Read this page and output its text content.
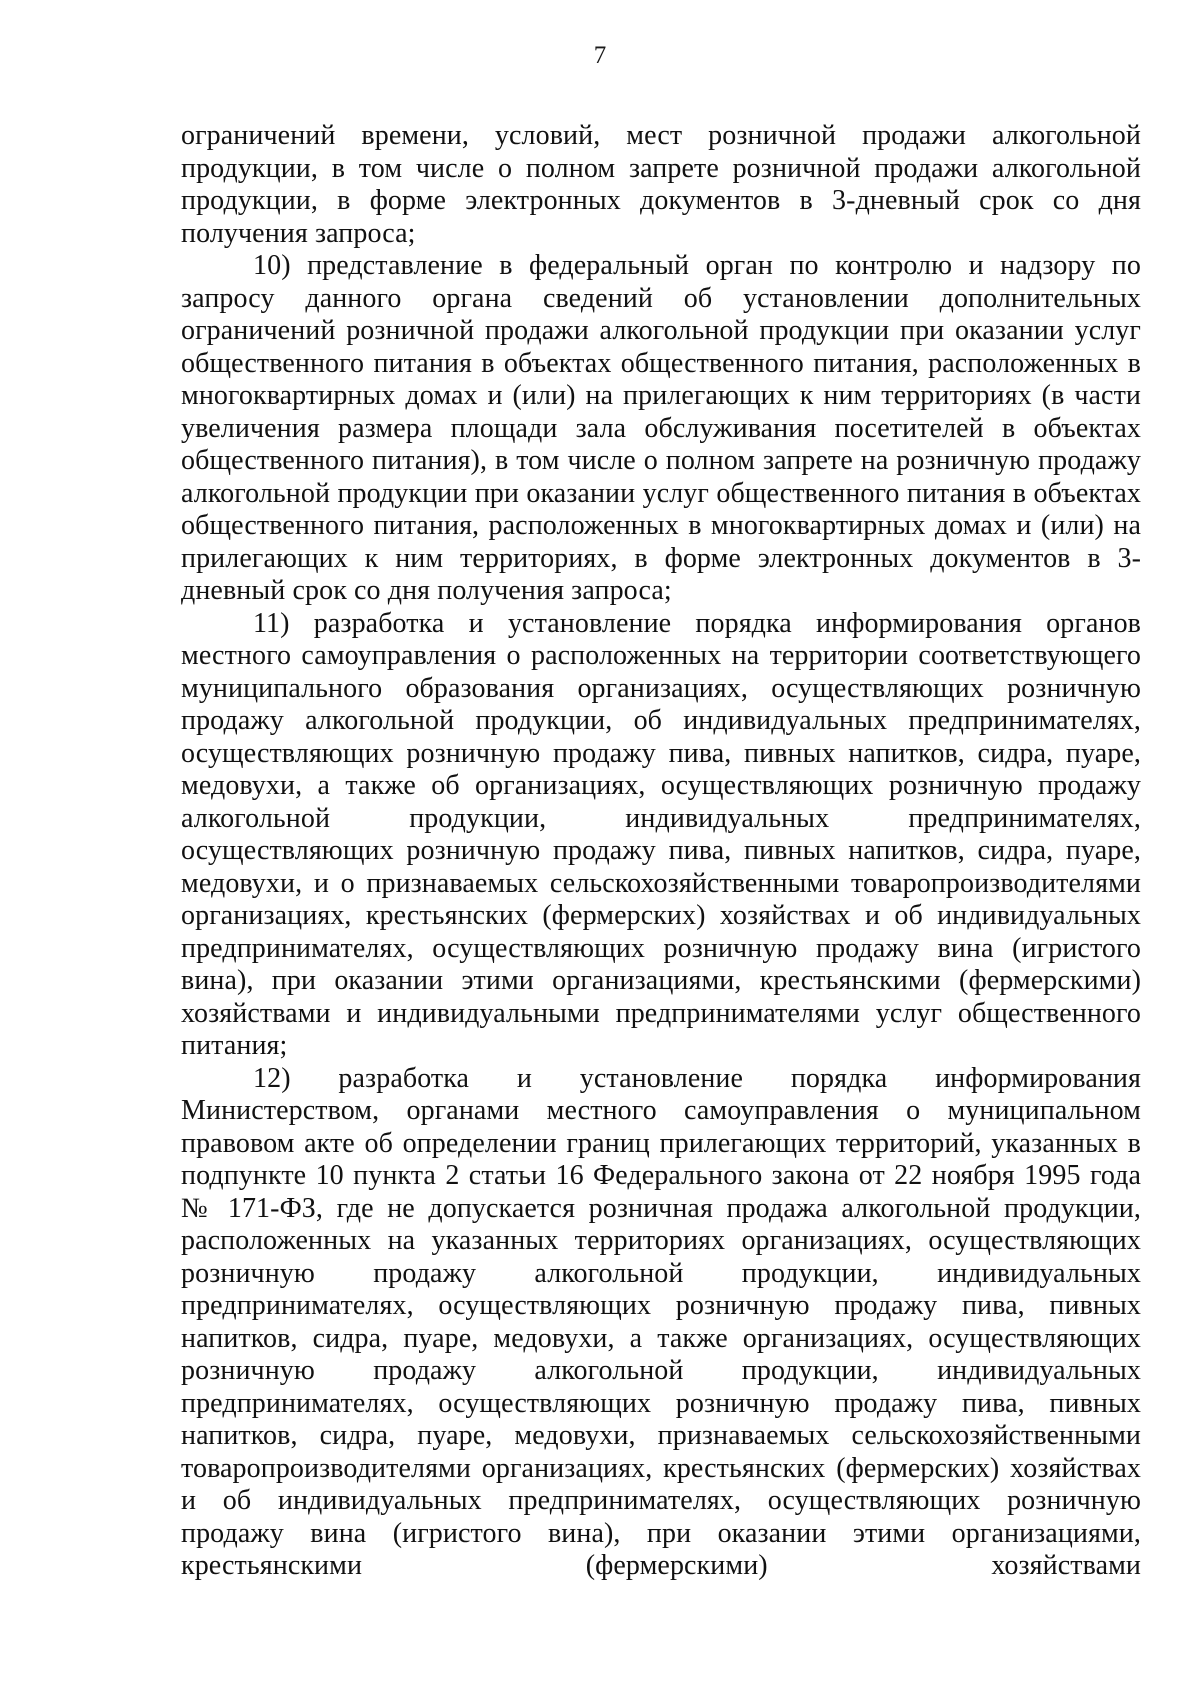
7

ограничений времени, условий, мест розничной продажи алкогольной продукции, в том числе о полном запрете розничной продажи алкогольной продукции, в форме электронных документов в 3-дневный срок со дня получения запроса;

10) представление в федеральный орган по контролю и надзору по запросу данного органа сведений об установлении дополнительных ограничений розничной продажи алкогольной продукции при оказании услуг общественного питания в объектах общественного питания, расположенных в многоквартирных домах и (или) на прилегающих к ним территориях (в части увеличения размера площади зала обслуживания посетителей в объектах общественного питания), в том числе о полном запрете на розничную продажу алкогольной продукции при оказании услуг общественного питания в объектах общественного питания, расположенных в многоквартирных домах и (или) на прилегающих к ним территориях, в форме электронных документов в 3-дневный срок со дня получения запроса;

11) разработка и установление порядка информирования органов местного самоуправления о расположенных на территории соответствующего муниципального образования организациях, осуществляющих розничную продажу алкогольной продукции, об индивидуальных предпринимателях, осуществляющих розничную продажу пива, пивных напитков, сидра, пуаре, медовухи, а также об организациях, осуществляющих розничную продажу алкогольной продукции, индивидуальных предпринимателях, осуществляющих розничную продажу пива, пивных напитков, сидра, пуаре, медовухи, и о признаваемых сельскохозяйственными товаропроизводителями организациях, крестьянских (фермерских) хозяйствах и об индивидуальных предпринимателях, осуществляющих розничную продажу вина (игристого вина), при оказании этими организациями, крестьянскими (фермерскими) хозяйствами и индивидуальными предпринимателями услуг общественного питания;

12) разработка и установление порядка информирования Министерством, органами местного самоуправления о муниципальном правовом акте об определении границ прилегающих территорий, указанных в подпункте 10 пункта 2 статьи 16 Федерального закона от 22 ноября 1995 года № 171-ФЗ, где не допускается розничная продажа алкогольной продукции, расположенных на указанных территориях организациях, осуществляющих розничную продажу алкогольной продукции, индивидуальных предпринимателях, осуществляющих розничную продажу пива, пивных напитков, сидра, пуаре, медовухи, а также организациях, осуществляющих розничную продажу алкогольной продукции, индивидуальных предпринимателях, осуществляющих розничную продажу пива, пивных напитков, сидра, пуаре, медовухи, признаваемых сельскохозяйственными товаропроизводителями организациях, крестьянских (фермерских) хозяйствах и об индивидуальных предпринимателях, осуществляющих розничную продажу вина (игристого вина), при оказании этими организациями, крестьянскими (фермерскими) хозяйствами
